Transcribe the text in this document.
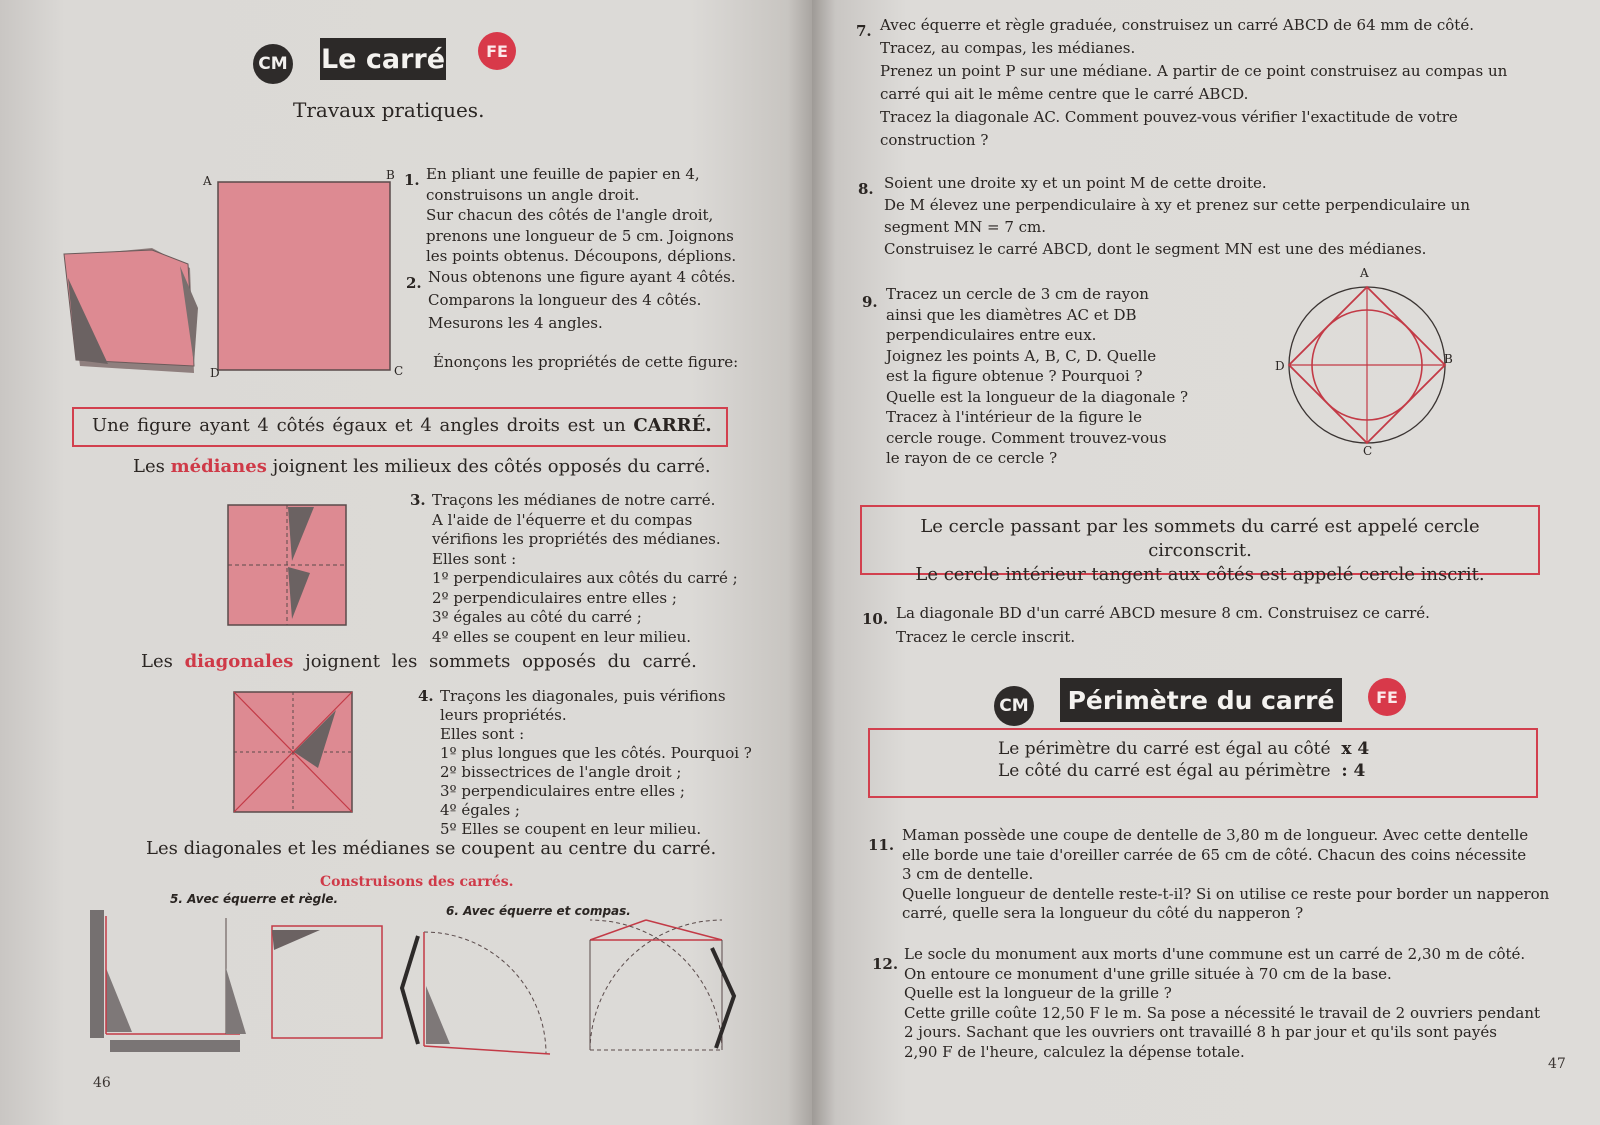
CM Le carré	FE
Travaux pratiques.
A	B
C
D
1. En pliant une feuille de papier en 4,
construisons un angle droit.
Sur chacun des côtés de l'angle droit,
prenons une longueur de 5 cm. Joignons
les points obtenus. Découpons, déplions.
2. Nous obtenons une figure ayant 4 côtés.
Comparons la longueur des 4 côtés.
Mesurons les 4 angles.
Énonçons les propriétés de cette figure:
Une figure ayant 4 côtés égaux et 4 angles droits est un CARRÉ.
Les médianes joignent les milieux des côtés opposés du carré.
3. Traçons les médianes de notre carré.
A l'aide de l'équerre et du compas
vérifions les propriétés des médianes.
Elles sont :
1º perpendiculaires aux côtés du carré ;
2º perpendiculaires entre elles ;
3º égales au côté du carré ;
4º elles se coupent en leur milieu.
Les diagonales joignent les sommets opposés du carré.
4. Traçons les diagonales, puis vérifions
leurs propriétés.
Elles sont :
1º plus longues que les côtés. Pourquoi ?
2º bissectrices de l'angle droit ;
3º perpendiculaires entre elles ;
4º égales ;
5º Elles se coupent en leur milieu.
Les diagonales et les médianes se coupent au centre du carré.
Construisons des carrés.
5. Avec équerre et règle.
6. Avec équerre et compas.
46
7. Avec équerre et règle graduée, construisez un carré ABCD de 64 mm de côté.
Tracez, au compas, les médianes.
Prenez un point P sur une médiane. A partir de ce point construisez au compas un
carré qui ait le même centre que le carré ABCD.
Tracez la diagonale AC. Comment pouvez-vous vérifier l'exactitude de votre
construction ?
8. Soient une droite xy et un point M de cette droite.
De M élevez une perpendiculaire à xy et prenez sur cette perpendiculaire un
segment MN = 7 cm.
Construisez le carré ABCD, dont le segment MN est une des médianes.
9. Tracez un cercle de 3 cm de rayon
ainsi que les diamètres AC et DB
perpendiculaires entre eux.
Joignez les points A, B, C, D. Quelle
est la figure obtenue ? Pourquoi ?
Quelle est la longueur de la diagonale ?
Tracez à l'intérieur de la figure le
cercle rouge. Comment trouvez-vous
le rayon de ce cercle ?
A
B
C
D
Le cercle passant par les sommets du carré est appelé cercle circonscrit.
Le cercle intérieur tangent aux côtés est appelé cercle inscrit.
10. La diagonale BD d'un carré ABCD mesure 8 cm. Construisez ce carré.
Tracez le cercle inscrit.
CM	Périmètre du carré	FE
Le périmètre du carré est égal au côté x 4
Le côté du carré est égal au périmètre : 4
11.
Maman possède une coupe de dentelle de 3,80 m de longueur. Avec cette dentelle
elle borde une taie d'oreiller carrée de 65 cm de côté. Chacun des coins nécessite
3 cm de dentelle.
Quelle longueur de dentelle reste-t-il? Si on utilise ce reste pour border un napperon
carré, quelle sera la longueur du côté du napperon ?
12.
Le socle du monument aux morts d'une commune est un carré de 2,30 m de côté.
On entoure ce monument d'une grille située à 70 cm de la base.
Quelle est la longueur de la grille ?
Cette grille coûte 12,50 F le m. Sa pose a nécessité le travail de 2 ouvriers pendant
2 jours. Sachant que les ouvriers ont travaillé 8 h par jour et qu'ils sont payés
2,90 F de l'heure, calculez la dépense totale.
47
